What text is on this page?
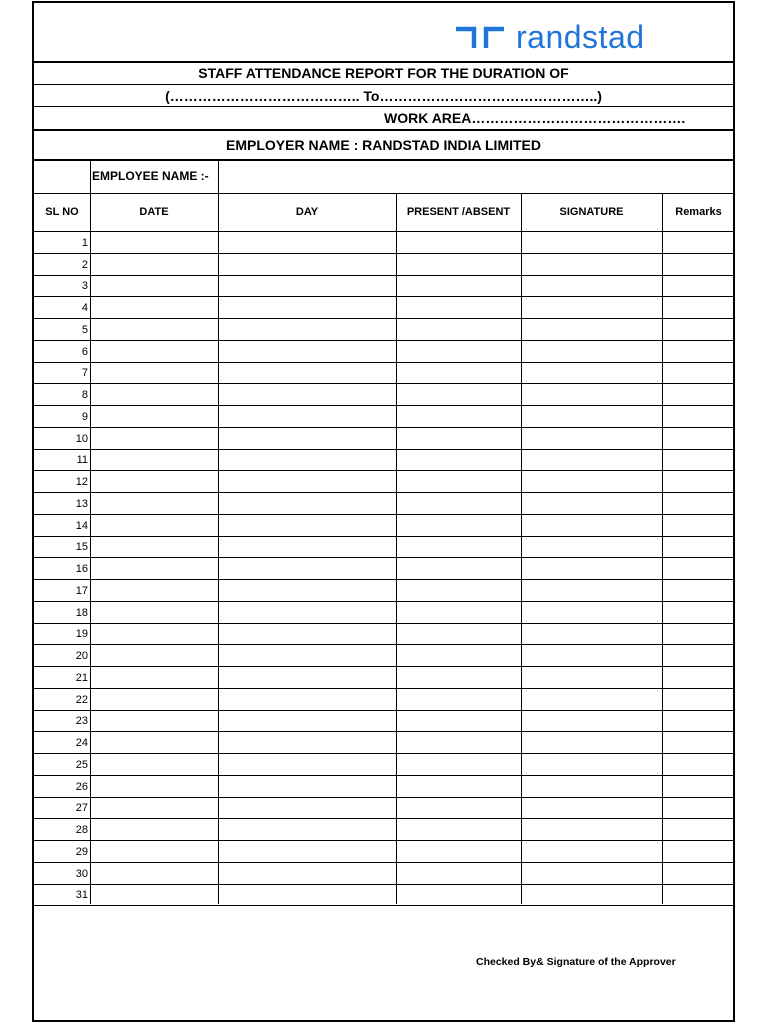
randstad
STAFF ATTENDANCE REPORT FOR THE DURATION OF
(………………………………….. To………………………………………..)
WORK AREA……………………………………….
EMPLOYER NAME : RANDSTAD INDIA LIMITED
EMPLOYEE NAME :-
SL NO	DATE	DAY	PRESENT /ABSENT	SIGNATURE	Remarks
1
2
3
4
5
6
7
8
9
10
11
12
13
14
15
16
17
18
19
20
21
22
23
24
25
26
27
28
29
30
31
Checked By& Signature of the Approver
